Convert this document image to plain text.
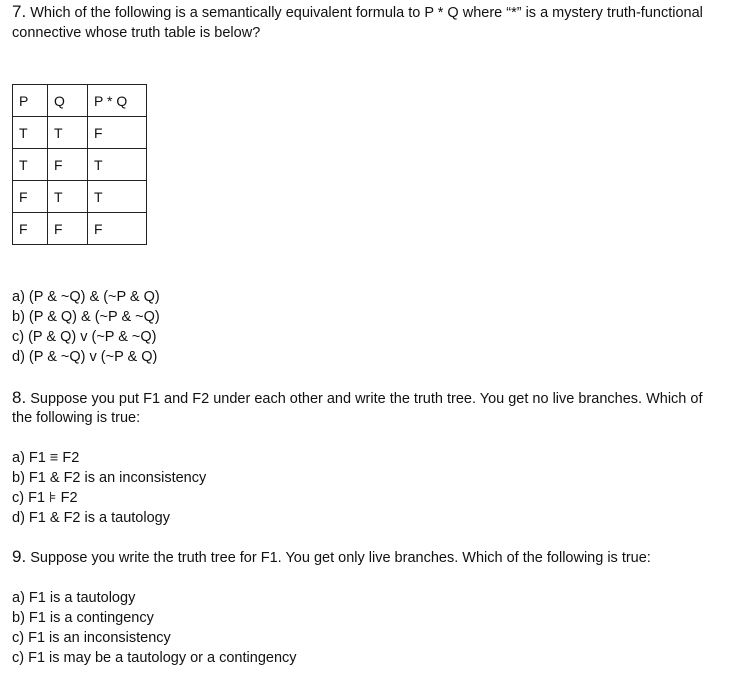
7. Which of the following is a semantically equivalent formula to P * Q where “*” is a mystery truth-functional
connective whose truth table is below?
P	Q	P * Q
T	T	F
T	F	T
F	T	T
F	F	F
a) (P & ~Q) & (~P & Q)
b) (P & Q) & (~P & ~Q)
c) (P & Q) v (~P & ~Q)
d) (P & ~Q) v (~P & Q)
8. Suppose you put F1 and F2 under each other and write the truth tree. You get no live branches. Which of
the following is true:
a) F1 ≡ F2
b) F1 & F2 is an inconsistency
c) F1 ⊧ F2
d) F1 & F2 is a tautology
9. Suppose you write the truth tree for F1. You get only live branches. Which of the following is true:
a) F1 is a tautology
b) F1 is a contingency
c) F1 is an inconsistency
c) F1 is may be a tautology or a contingency
